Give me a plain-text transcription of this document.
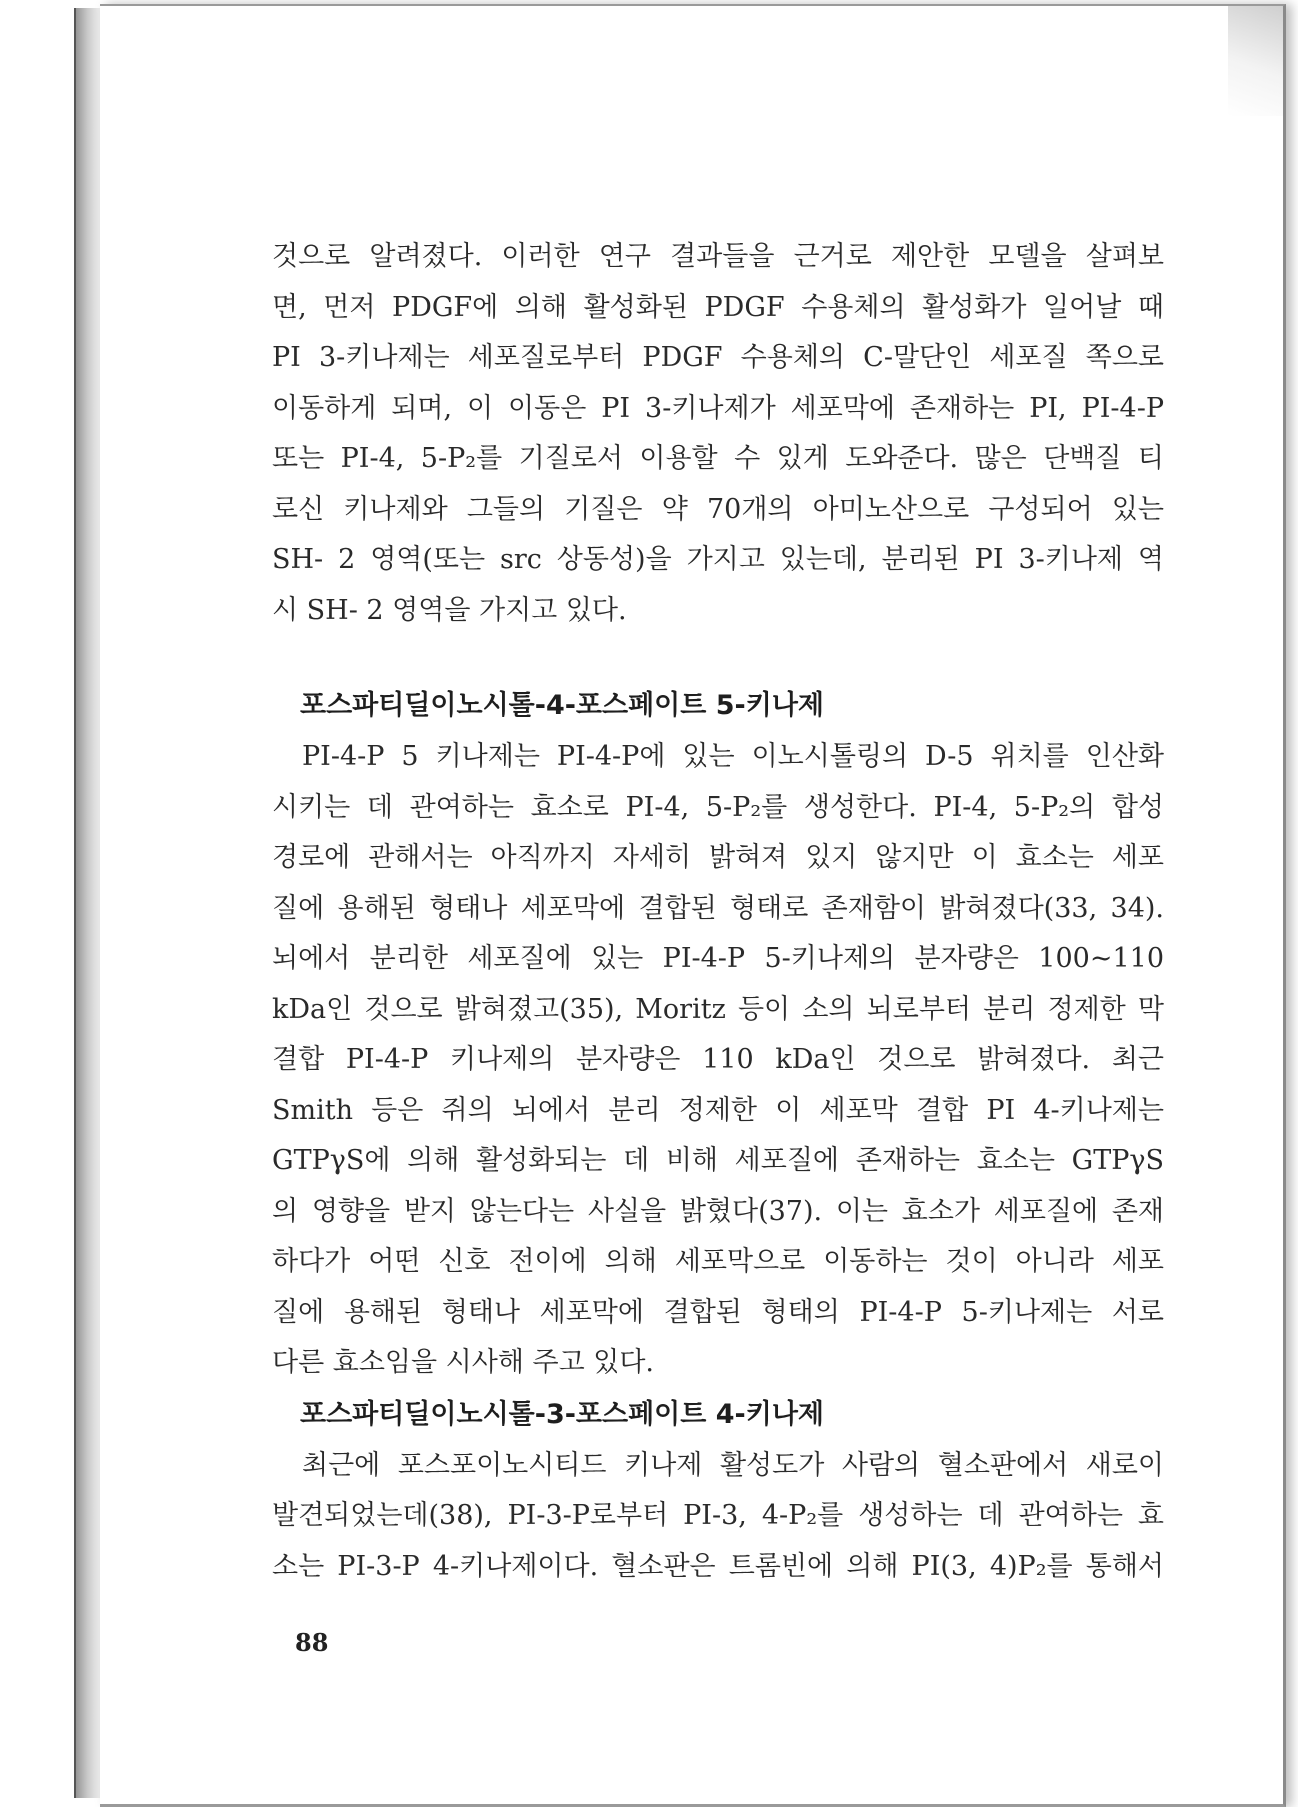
것으로 알려졌다. 이러한 연구 결과들을 근거로 제안한 모델을 살펴보
면, 먼저 PDGF에 의해 활성화된 PDGF 수용체의 활성화가 일어날 때
PI 3-키나제는 세포질로부터 PDGF 수용체의 C-말단인 세포질 쪽으로
이동하게 되며, 이 이동은 PI 3-키나제가 세포막에 존재하는 PI, PI-4-P
또는 PI-4, 5-P₂를 기질로서 이용할 수 있게 도와준다. 많은 단백질 티
로신 키나제와 그들의 기질은 약 70개의 아미노산으로 구성되어 있는
SH- 2 영역(또는 src 상동성)을 가지고 있는데, 분리된 PI 3-키나제 역
시 SH- 2 영역을 가지고 있다.
포스파티딜이노시톨-4-포스페이트 5-키나제
PI-4-P 5 키나제는 PI-4-P에 있는 이노시톨링의 D-5 위치를 인산화
시키는 데 관여하는 효소로 PI-4, 5-P₂를 생성한다. PI-4, 5-P₂의 합성
경로에 관해서는 아직까지 자세히 밝혀져 있지 않지만 이 효소는 세포
질에 용해된 형태나 세포막에 결합된 형태로 존재함이 밝혀졌다(33, 34).
뇌에서 분리한 세포질에 있는 PI-4-P 5-키나제의 분자량은 100~110
kDa인 것으로 밝혀졌고(35), Moritz 등이 소의 뇌로부터 분리 정제한 막
결합 PI-4-P 키나제의 분자량은 110 kDa인 것으로 밝혀졌다. 최근
Smith 등은 쥐의 뇌에서 분리 정제한 이 세포막 결합 PI 4-키나제는
GTPγS에 의해 활성화되는 데 비해 세포질에 존재하는 효소는 GTPγS
의 영향을 받지 않는다는 사실을 밝혔다(37). 이는 효소가 세포질에 존재
하다가 어떤 신호 전이에 의해 세포막으로 이동하는 것이 아니라 세포
질에 용해된 형태나 세포막에 결합된 형태의 PI-4-P 5-키나제는 서로
다른 효소임을 시사해 주고 있다.
포스파티딜이노시톨-3-포스페이트 4-키나제
최근에 포스포이노시티드 키나제 활성도가 사람의 혈소판에서 새로이
발견되었는데(38), PI-3-P로부터 PI-3, 4-P₂를 생성하는 데 관여하는 효
소는 PI-3-P 4-키나제이다. 혈소판은 트롬빈에 의해 PI(3, 4)P₂를 통해서
88
